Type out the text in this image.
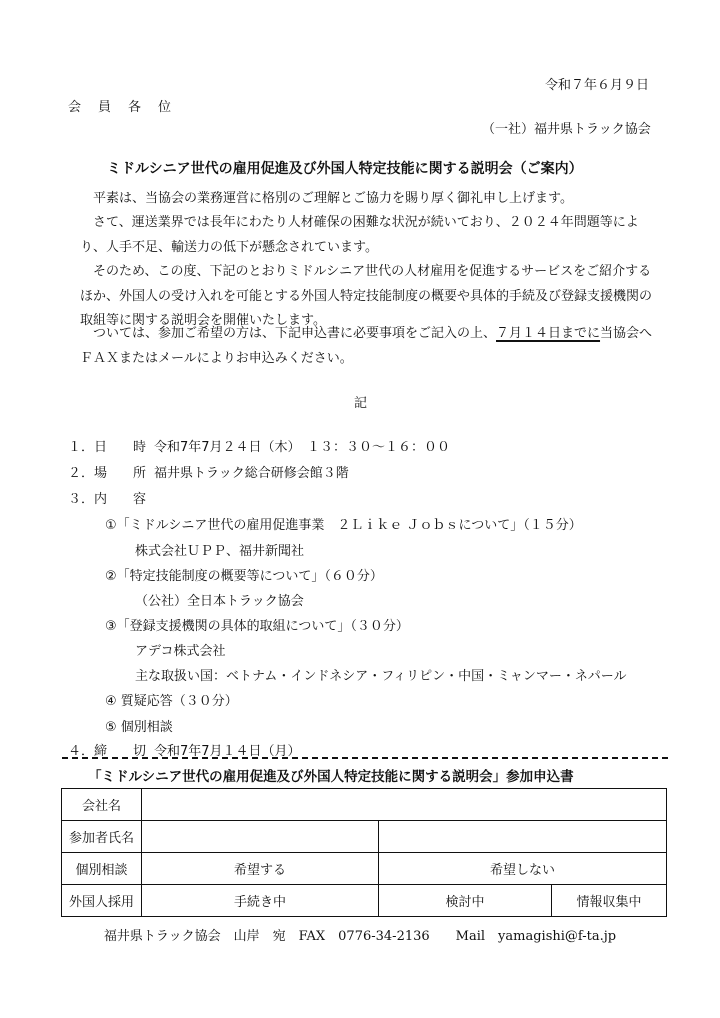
令和７年６月９日
会　員　各　位
（一社）福井県トラック協会
ミドルシニア世代の雇用促進及び外国人特定技能に関する説明会（ご案内）
平素は、当協会の業務運営に格別のご理解とご協力を賜り厚く御礼申し上げます。
さて、運送業界では長年にわたり人材確保の困難な状況が続いており、２０２４年問題等により、人手不足、輸送力の低下が懸念されています。
そのため、この度、下記のとおりミドルシニア世代の人材雇用を促進するサービスをご紹介するほか、外国人の受け入れを可能とする外国人特定技能制度の概要や具体的手続及び登録支援機関の取組等に関する説明会を開催いたします。
ついては、参加ご希望の方は、下記申込書に必要事項をご記入の上、７月１４日までに当協会へＦＡＸまたはメールによりお申込みください。
記
１．日　　時 令和7年7月２４日（木）　１３：３０～１６：００
２．場　　所 福井県トラック総合研修会館３階
３．内　　容
①「ミドルシニア世代の雇用促進事業　２Ｌｉｋｅ Ｊｏｂｓについて」（１５分）
株式会社ＵＰＰ、福井新聞社
②「特定技能制度の概要等について」（６０分）
（公社）全日本トラック協会
③「登録支援機関の具体的取組について」（３０分）
アデコ株式会社
主な取扱い国：ベトナム・インドネシア・フィリピン・中国・ミャンマー・ネパール
④ 質疑応答（３０分）
⑤ 個別相談
４．締　　切 令和7年7月１４日（月）
「ミドルシニア世代の雇用促進及び外国人特定技能に関する説明会」参加申込書
会社名			
参加者氏名			
個別相談	希望する	希望しない	
外国人採用	手続き中	検討中	情報収集中
福井県トラック協会　山岸　宛　FAX　0776-34-2136　　Mail　yamagishi@f-ta.jp
